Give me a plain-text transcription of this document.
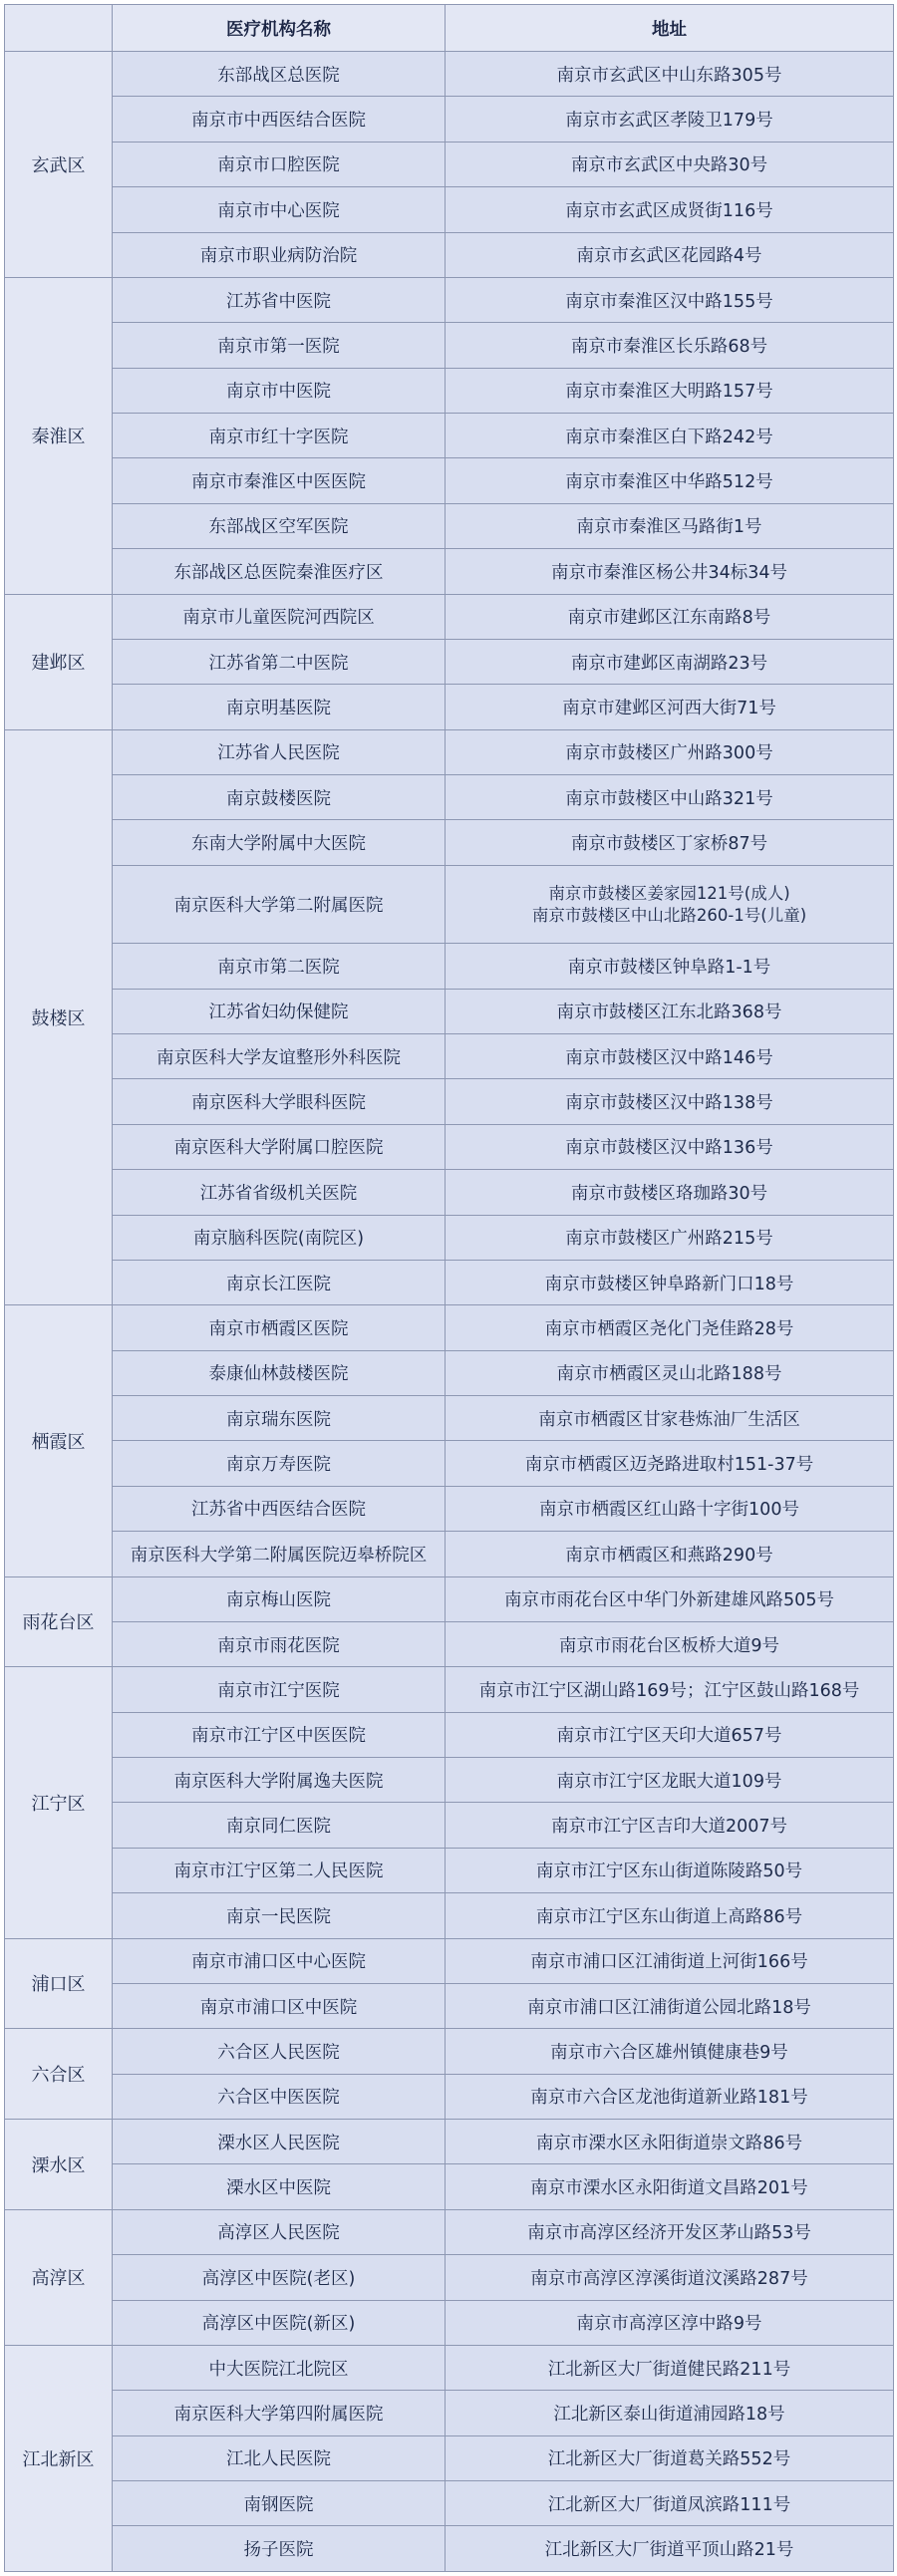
	医疗机构名称	地址
玄武区	东部战区总医院	南京市玄武区中山东路305号
	南京市中西医结合医院	南京市玄武区孝陵卫179号
	南京市口腔医院	南京市玄武区中央路30号
	南京市中心医院	南京市玄武区成贤街116号
	南京市职业病防治院	南京市玄武区花园路4号
秦淮区	江苏省中医院	南京市秦淮区汉中路155号
	南京市第一医院	南京市秦淮区长乐路68号
	南京市中医院	南京市秦淮区大明路157号
	南京市红十字医院	南京市秦淮区白下路242号
	南京市秦淮区中医医院	南京市秦淮区中华路512号
	东部战区空军医院	南京市秦淮区马路街1号
	东部战区总医院秦淮医疗区	南京市秦淮区杨公井34标34号
建邺区	南京市儿童医院河西院区	南京市建邺区江东南路8号
	江苏省第二中医院	南京市建邺区南湖路23号
	南京明基医院	南京市建邺区河西大街71号
鼓楼区	江苏省人民医院	南京市鼓楼区广州路300号
	南京鼓楼医院	南京市鼓楼区中山路321号
	东南大学附属中大医院	南京市鼓楼区丁家桥87号
	南京医科大学第二附属医院	南京市鼓楼区姜家园121号(成人)
南京市鼓楼区中山北路260-1号(儿童)

	南京市第二医院	南京市鼓楼区钟阜路1-1号
	江苏省妇幼保健院	南京市鼓楼区江东北路368号
	南京医科大学友谊整形外科医院	南京市鼓楼区汉中路146号
	南京医科大学眼科医院	南京市鼓楼区汉中路138号
	南京医科大学附属口腔医院	南京市鼓楼区汉中路136号
	江苏省省级机关医院	南京市鼓楼区珞珈路30号
	南京脑科医院(南院区)	南京市鼓楼区广州路215号
	南京长江医院	南京市鼓楼区钟阜路新门口18号
栖霞区	南京市栖霞区医院	南京市栖霞区尧化门尧佳路28号
	泰康仙林鼓楼医院	南京市栖霞区灵山北路188号
	南京瑞东医院	南京市栖霞区甘家巷炼油厂生活区
	南京万寿医院	南京市栖霞区迈尧路进取村151-37号
	江苏省中西医结合医院	南京市栖霞区红山路十字街100号
	南京医科大学第二附属医院迈皋桥院区	南京市栖霞区和燕路290号
雨花台区	南京梅山医院	南京市雨花台区中华门外新建雄风路505号
	南京市雨花医院	南京市雨花台区板桥大道9号
江宁区	南京市江宁医院	南京市江宁区湖山路169号；江宁区鼓山路168号
	南京市江宁区中医医院	南京市江宁区天印大道657号
	南京医科大学附属逸夫医院	南京市江宁区龙眠大道109号
	南京同仁医院	南京市江宁区吉印大道2007号
	南京市江宁区第二人民医院	南京市江宁区东山街道陈陵路50号
	南京一民医院	南京市江宁区东山街道上高路86号
浦口区	南京市浦口区中心医院	南京市浦口区江浦街道上河街166号
	南京市浦口区中医院	南京市浦口区江浦街道公园北路18号
六合区	六合区人民医院	南京市六合区雄州镇健康巷9号
	六合区中医医院	南京市六合区龙池街道新业路181号
溧水区	溧水区人民医院	南京市溧水区永阳街道崇文路86号
	溧水区中医院	南京市溧水区永阳街道文昌路201号
高淳区	高淳区人民医院	南京市高淳区经济开发区茅山路53号
	高淳区中医院(老区)	南京市高淳区淳溪街道汶溪路287号
	高淳区中医院(新区)	南京市高淳区淳中路9号
江北新区	中大医院江北院区	江北新区大厂街道健民路211号
	南京医科大学第四附属医院	江北新区泰山街道浦园路18号
	江北人民医院	江北新区大厂街道葛关路552号
	南钢医院	江北新区大厂街道凤滨路111号
	扬子医院	江北新区大厂街道平顶山路21号
